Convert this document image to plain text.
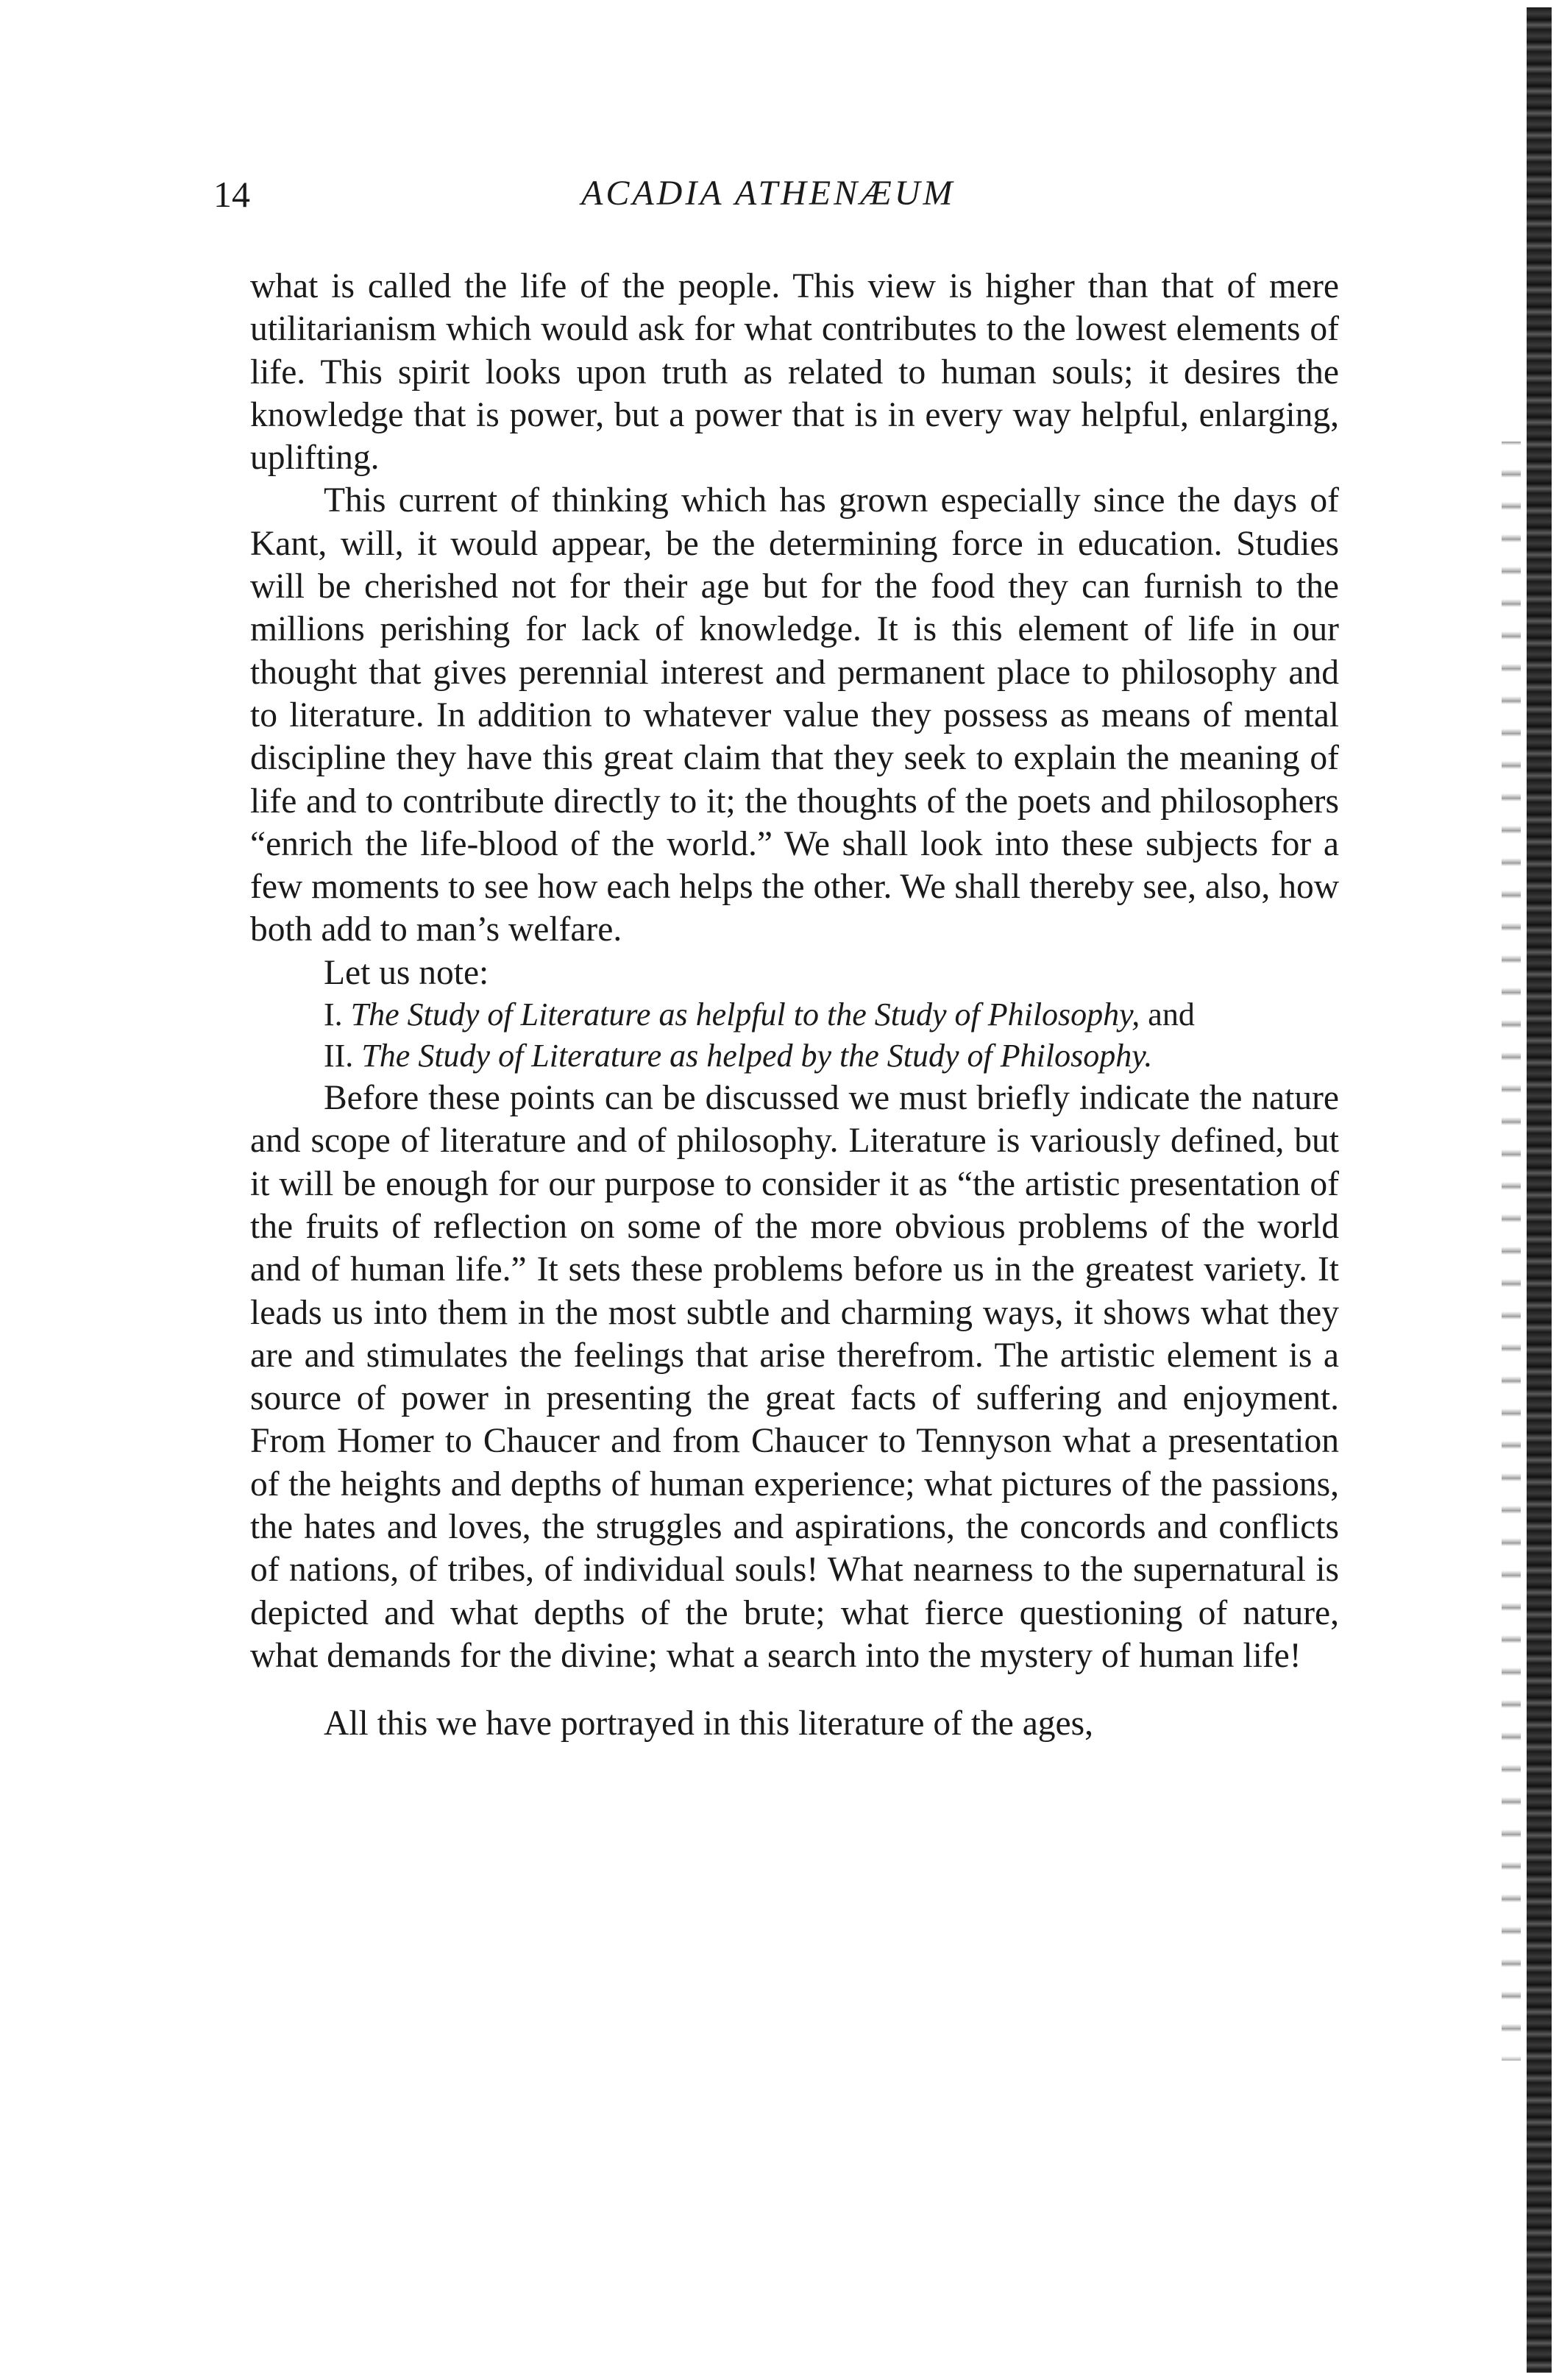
14	ACADIA ATHENÆUM

what is called the life of the people. This view is higher than that of mere utilitarianism which would ask for what contributes to the lowest elements of life. This spirit looks upon truth as related to human souls; it desires the knowledge that is power, but a power that is in every way helpful, enlarging, uplifting.

This current of thinking which has grown especially since the days of Kant, will, it would appear, be the determining force in education. Studies will be cherished not for their age but for the food they can furnish to the millions perishing for lack of knowledge. It is this element of life in our thought that gives perennial interest and permanent place to philosophy and to literature. In addition to whatever value they possess as means of mental discipline they have this great claim that they seek to explain the meaning of life and to contribute directly to it; the thoughts of the poets and philosophers “enrich the life-blood of the world.” We shall look into these subjects for a few moments to see how each helps the other. We shall thereby see, also, how both add to man’s welfare.

Let us note:

I. The Study of Literature as helpful to the Study of Philosophy, and

II. The Study of Literature as helped by the Study of Philosophy.

Before these points can be discussed we must briefly indicate the nature and scope of literature and of philosophy. Literature is variously defined, but it will be enough for our purpose to consider it as “the artistic presentation of the fruits of reflection on some of the more obvious problems of the world and of human life.” It sets these problems before us in the greatest variety. It leads us into them in the most subtle and charming ways, it shows what they are and stimulates the feelings that arise therefrom. The artistic element is a source of power in presenting the great facts of suffering and enjoyment. From Homer to Chaucer and from Chaucer to Tennyson what a presentation of the heights and depths of human experience; what pictures of the passions, the hates and loves, the struggles and aspirations, the concords and conflicts of nations, of tribes, of individual souls! What nearness to the supernatural is depicted and what depths of the brute; what fierce questioning of nature, what demands for the divine; what a search into the mystery of human life!

All this we have portrayed in this literature of the ages,
